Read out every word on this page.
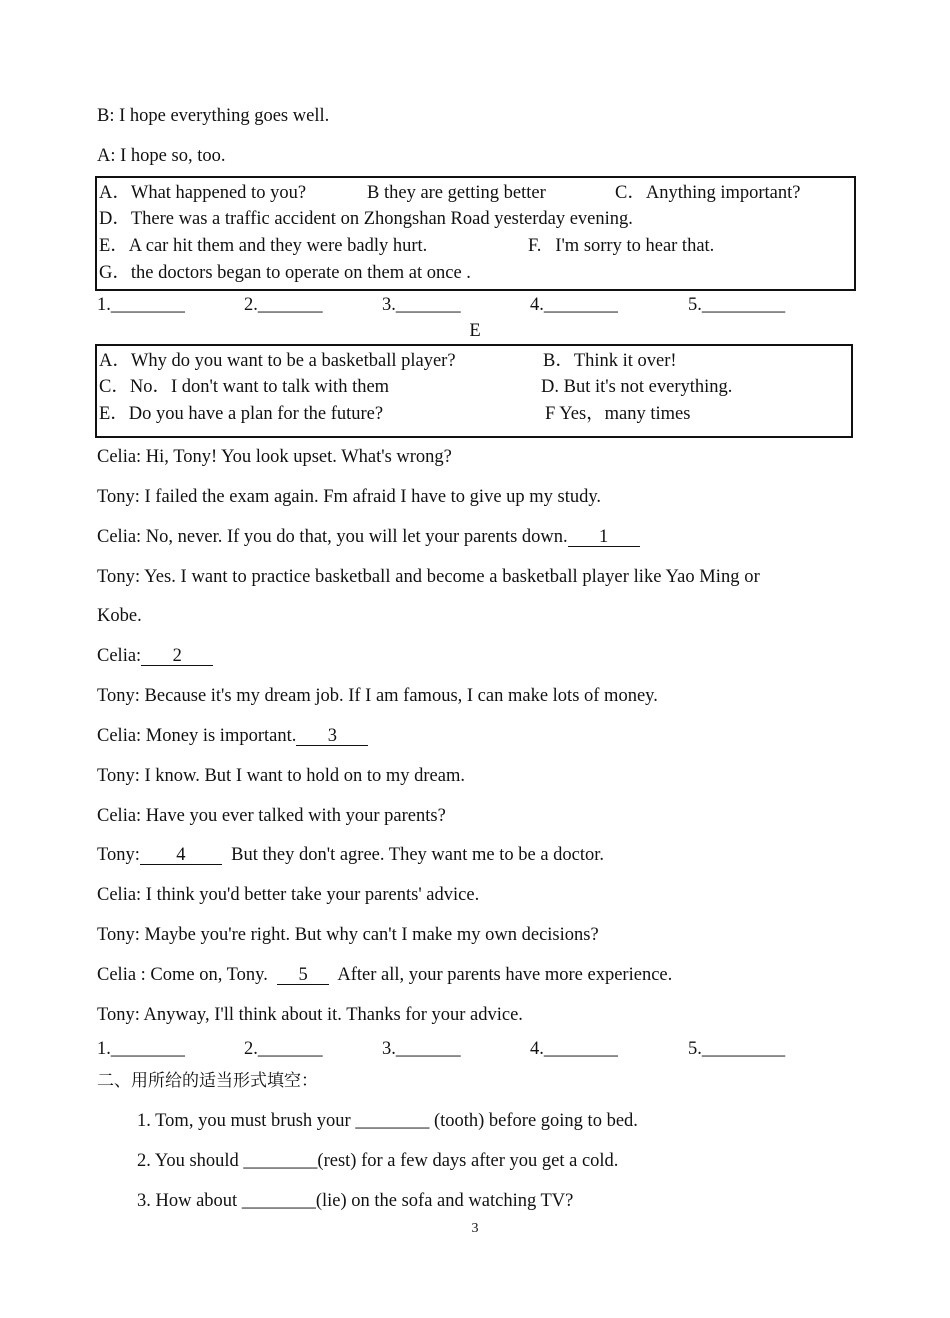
B: I hope everything goes well.
A: I hope so, too.
A．What happened to you?	B they are getting better	C．Anything important?
D．There was a traffic accident on Zhongshan Road yesterday evening.
E．A car hit them and they were badly hurt.	F.   I'm sorry to hear that.
G．the doctors began to operate on them at once .
1.________	2._______	3._______	4.________	5._________
E
A．Why do you want to be a basketball player?	B．Think it over!
C．No．I don't want to talk with them	D. But it's not everything.
E．Do you have a plan for the future?	F Yes，many times
Celia: Hi, Tony! You look upset. What's wrong?
Tony: I failed the exam again. Fm afraid I have to give up my study.
Celia: No, never. If you do that, you will let your parents down. 1
Tony: Yes. I want to practice basketball and become a basketball player like Yao Ming or
Kobe.
Celia: 2
Tony: Because it's my dream job. If I am famous, I can make lots of money.
Celia: Money is important. 3
Tony: I know. But I want to hold on to my dream.
Celia: Have you ever talked with your parents?
Tony: 4  But they don't agree. They want me to be a doctor.
Celia: I think you'd better take your parents' advice.
Tony: Maybe you're right. But why can't I make my own decisions?
Celia : Come on, Tony.  5  After all, your parents have more experience.
Tony: Anyway, I'll think about it. Thanks for your advice.
1.________	2._______	3._______	4.________	5._________
二、用所给的适当形式填空：
1. Tom, you must brush your ________ (tooth) before going to bed.
2. You should ________(rest) for a few days after you get a cold.
3. How about ________(lie) on the sofa and watching TV?
3
